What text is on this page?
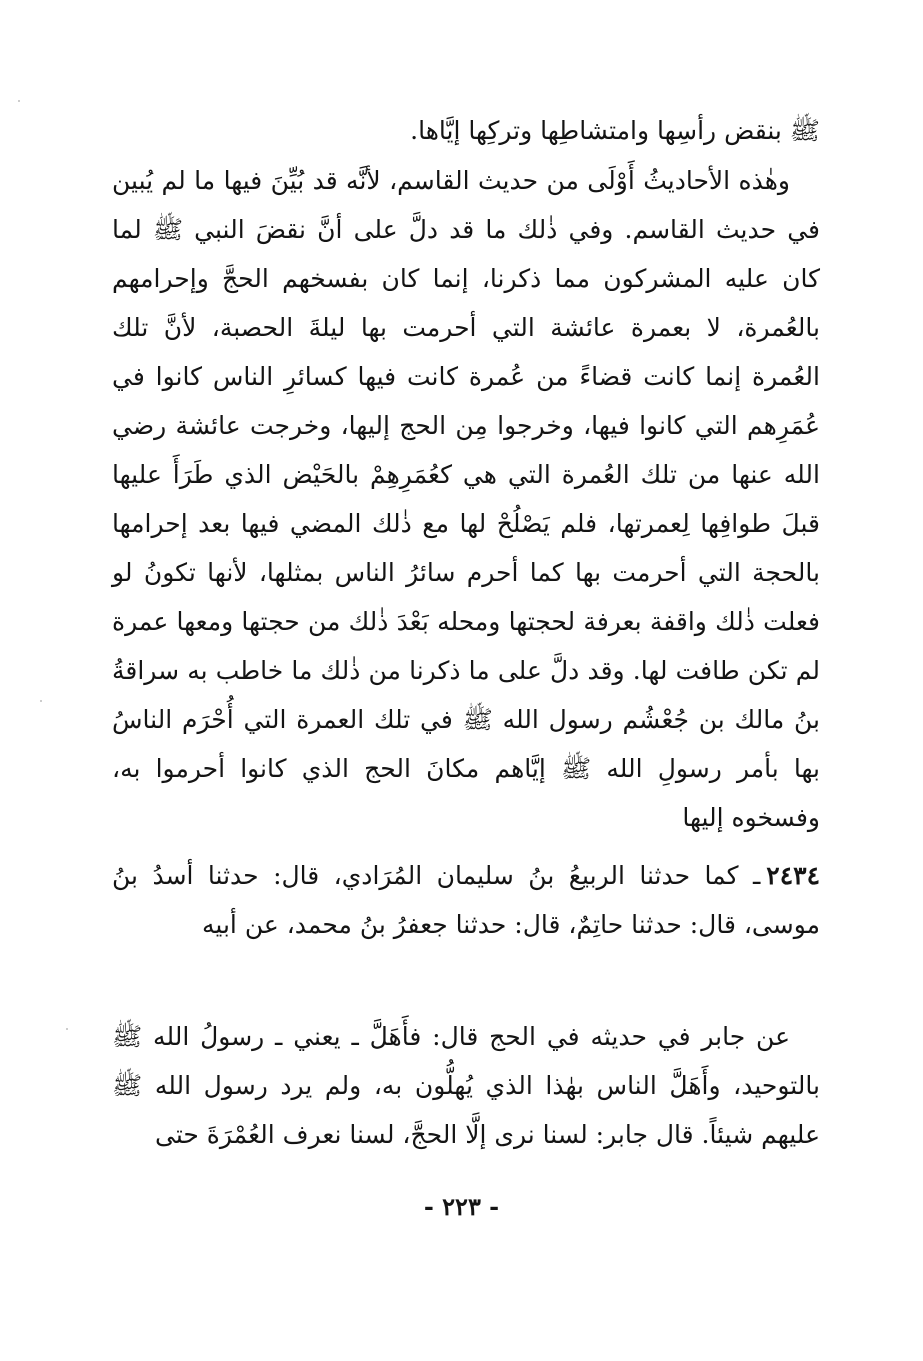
ﷺ بنقض رأسِها وامتشاطِها وتركِها إيَّاها.

وهٰذه الأحاديثُ أَوْلَى من حديث القاسم، لأنَّه قد بُيِّنَ فيها ما لم يُبين في حديث القاسم. وفي ذٰلك ما قد دلَّ على أنَّ نقضَ النبي ﷺ لما كان عليه المشركون مما ذكرنا، إنما كان بفسخهم الحجَّ وإحرامهم بالعُمرة، لا بعمرة عائشة التي أحرمت بها ليلةَ الحصبة، لأنَّ تلك العُمرة إنما كانت قضاءً من عُمرة كانت فيها كسائرِ الناس كانوا في عُمَرِهم التي كانوا فيها، وخرجوا مِن الحج إليها، وخرجت عائشة رضي الله عنها من تلك العُمرة التي هي كعُمَرِهِمْ بالحَيْض الذي طَرَأَ عليها قبلَ طوافِها لِعمرتها، فلم يَصْلُحْ لها مع ذٰلك المضي فيها بعد إحرامها بالحجة التي أحرمت بها كما أحرم سائرُ الناس بمثلها، لأنها تكونُ لو فعلت ذٰلك واقفة بعرفة لحجتها ومحله بَعْدَ ذٰلك من حجتها ومعها عمرة لم تكن طافت لها. وقد دلَّ على ما ذكرنا من ذٰلك ما خاطب به سراقةُ بنُ مالك بن جُعْشُم رسول الله ﷺ في تلك العمرة التي أُحْرَم الناسُ بها بأمر رسولِ الله ﷺ إيَّاهم مكانَ الحج الذي كانوا أحرموا به، وفسخوه إليها

٢٤٣٤ـ كما حدثنا الربيعُ بنُ سليمان المُرَادي، قال: حدثنا أسدُ بنُ موسى، قال: حدثنا حاتِمٌ، قال: حدثنا جعفرُ بنُ محمد، عن أبيه

عن جابر في حديثه في الحج قال: فأَهَلَّ ـ يعني ـ رسولُ الله ﷺ بالتوحيد، وأَهَلَّ الناس بهٰذا الذي يُهلُّون به، ولم يرد رسول الله ﷺ عليهم شيئاً. قال جابر: لسنا نرى إلَّا الحجَّ، لسنا نعرف العُمْرَةَ حتى

- ٢٢٣ -
